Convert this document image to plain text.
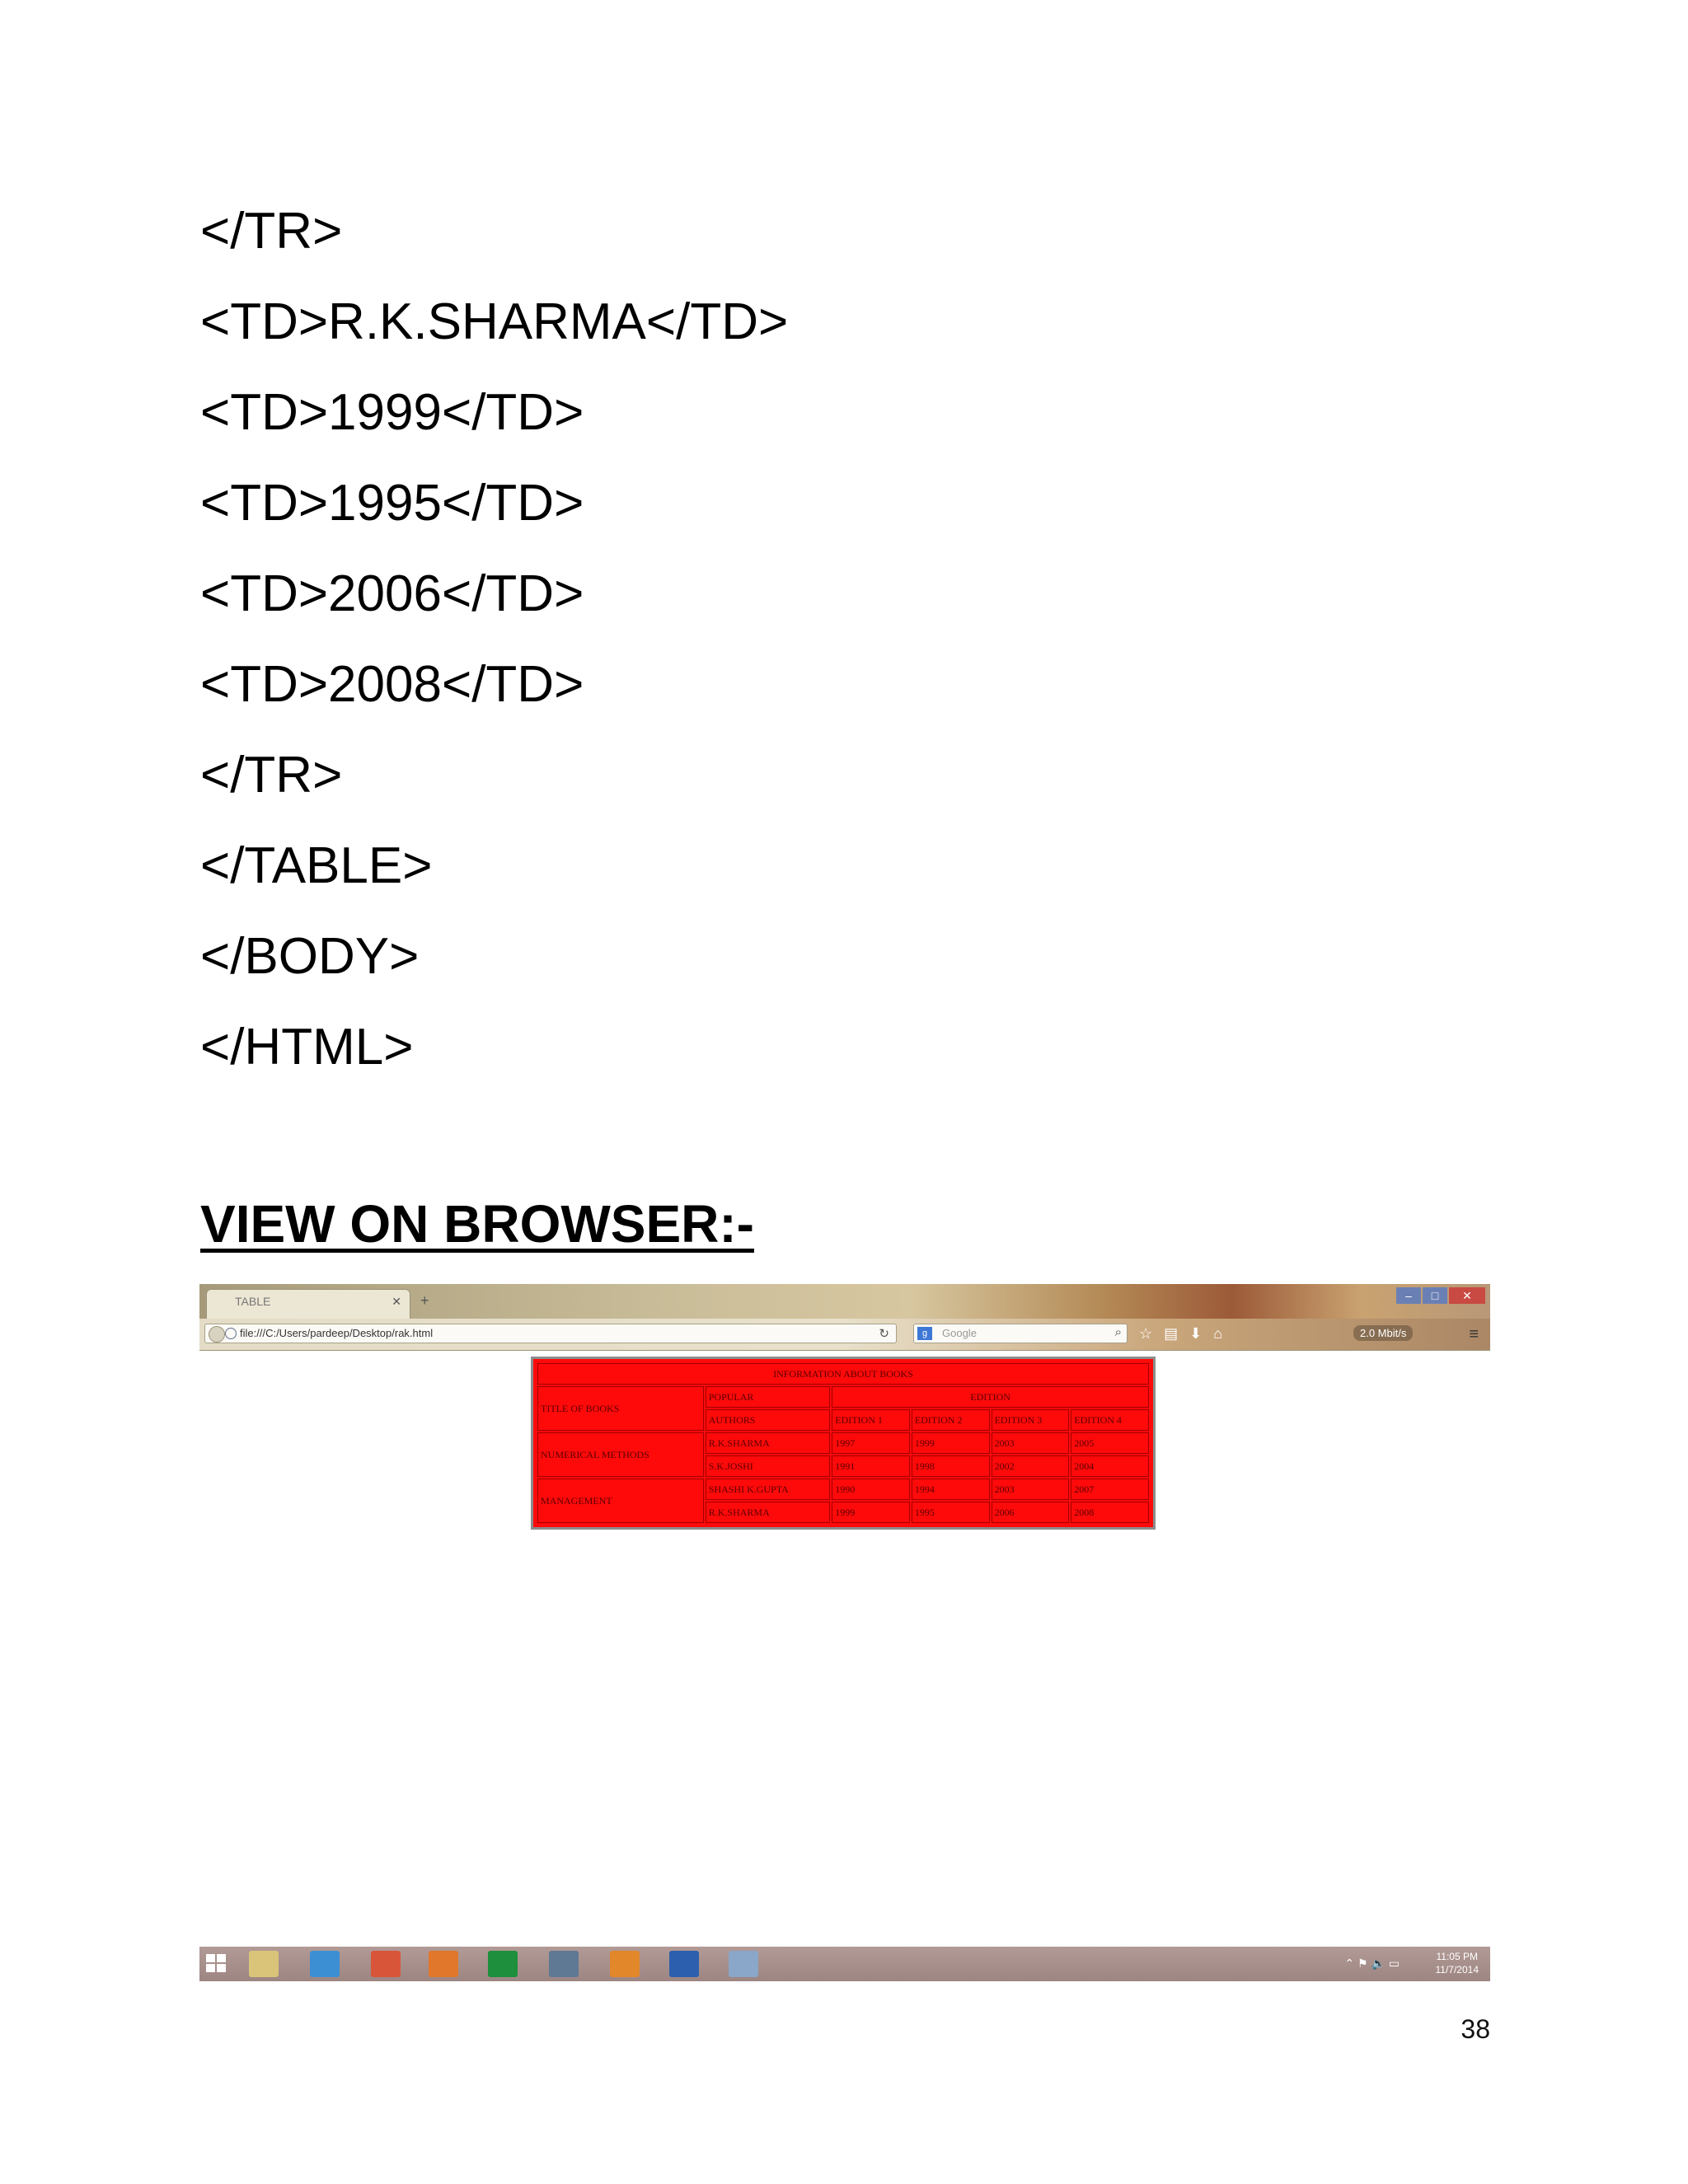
</TR>
<TD>R.K.SHARMA</TD>
<TD>1999</TD>
<TD>1995</TD>
<TD>2006</TD>
<TD>2008</TD>
</TR>
</TABLE>
</BODY>
</HTML>
VIEW ON BROWSER:-
TABLE	✕ +	–	□	✕
file:///C:/Users/pardeep/Desktop/rak.html	↻	g	Google	⌕ ☆ ▤ ⬇ ⌂	2.0 Mbit/s	≡
INFORMATION ABOUT BOOKS					
TITLE OF BOOKS	POPULAR	EDITION			
	AUTHORS	EDITION 1	EDITION 2	EDITION 3	EDITION 4
NUMERICAL METHODS	R.K.SHARMA	1997	1999	2003	2005
	S.K.JOSHI	1991	1998	2002	2004
MANAGEMENT	SHASHI K.GUPTA	1990	1994	2003	2007
	R.K.SHARMA	1999	1995	2006	2008
⌃ ⚑ 🔈 ▭	11:05 PM
11/7/2014
38
